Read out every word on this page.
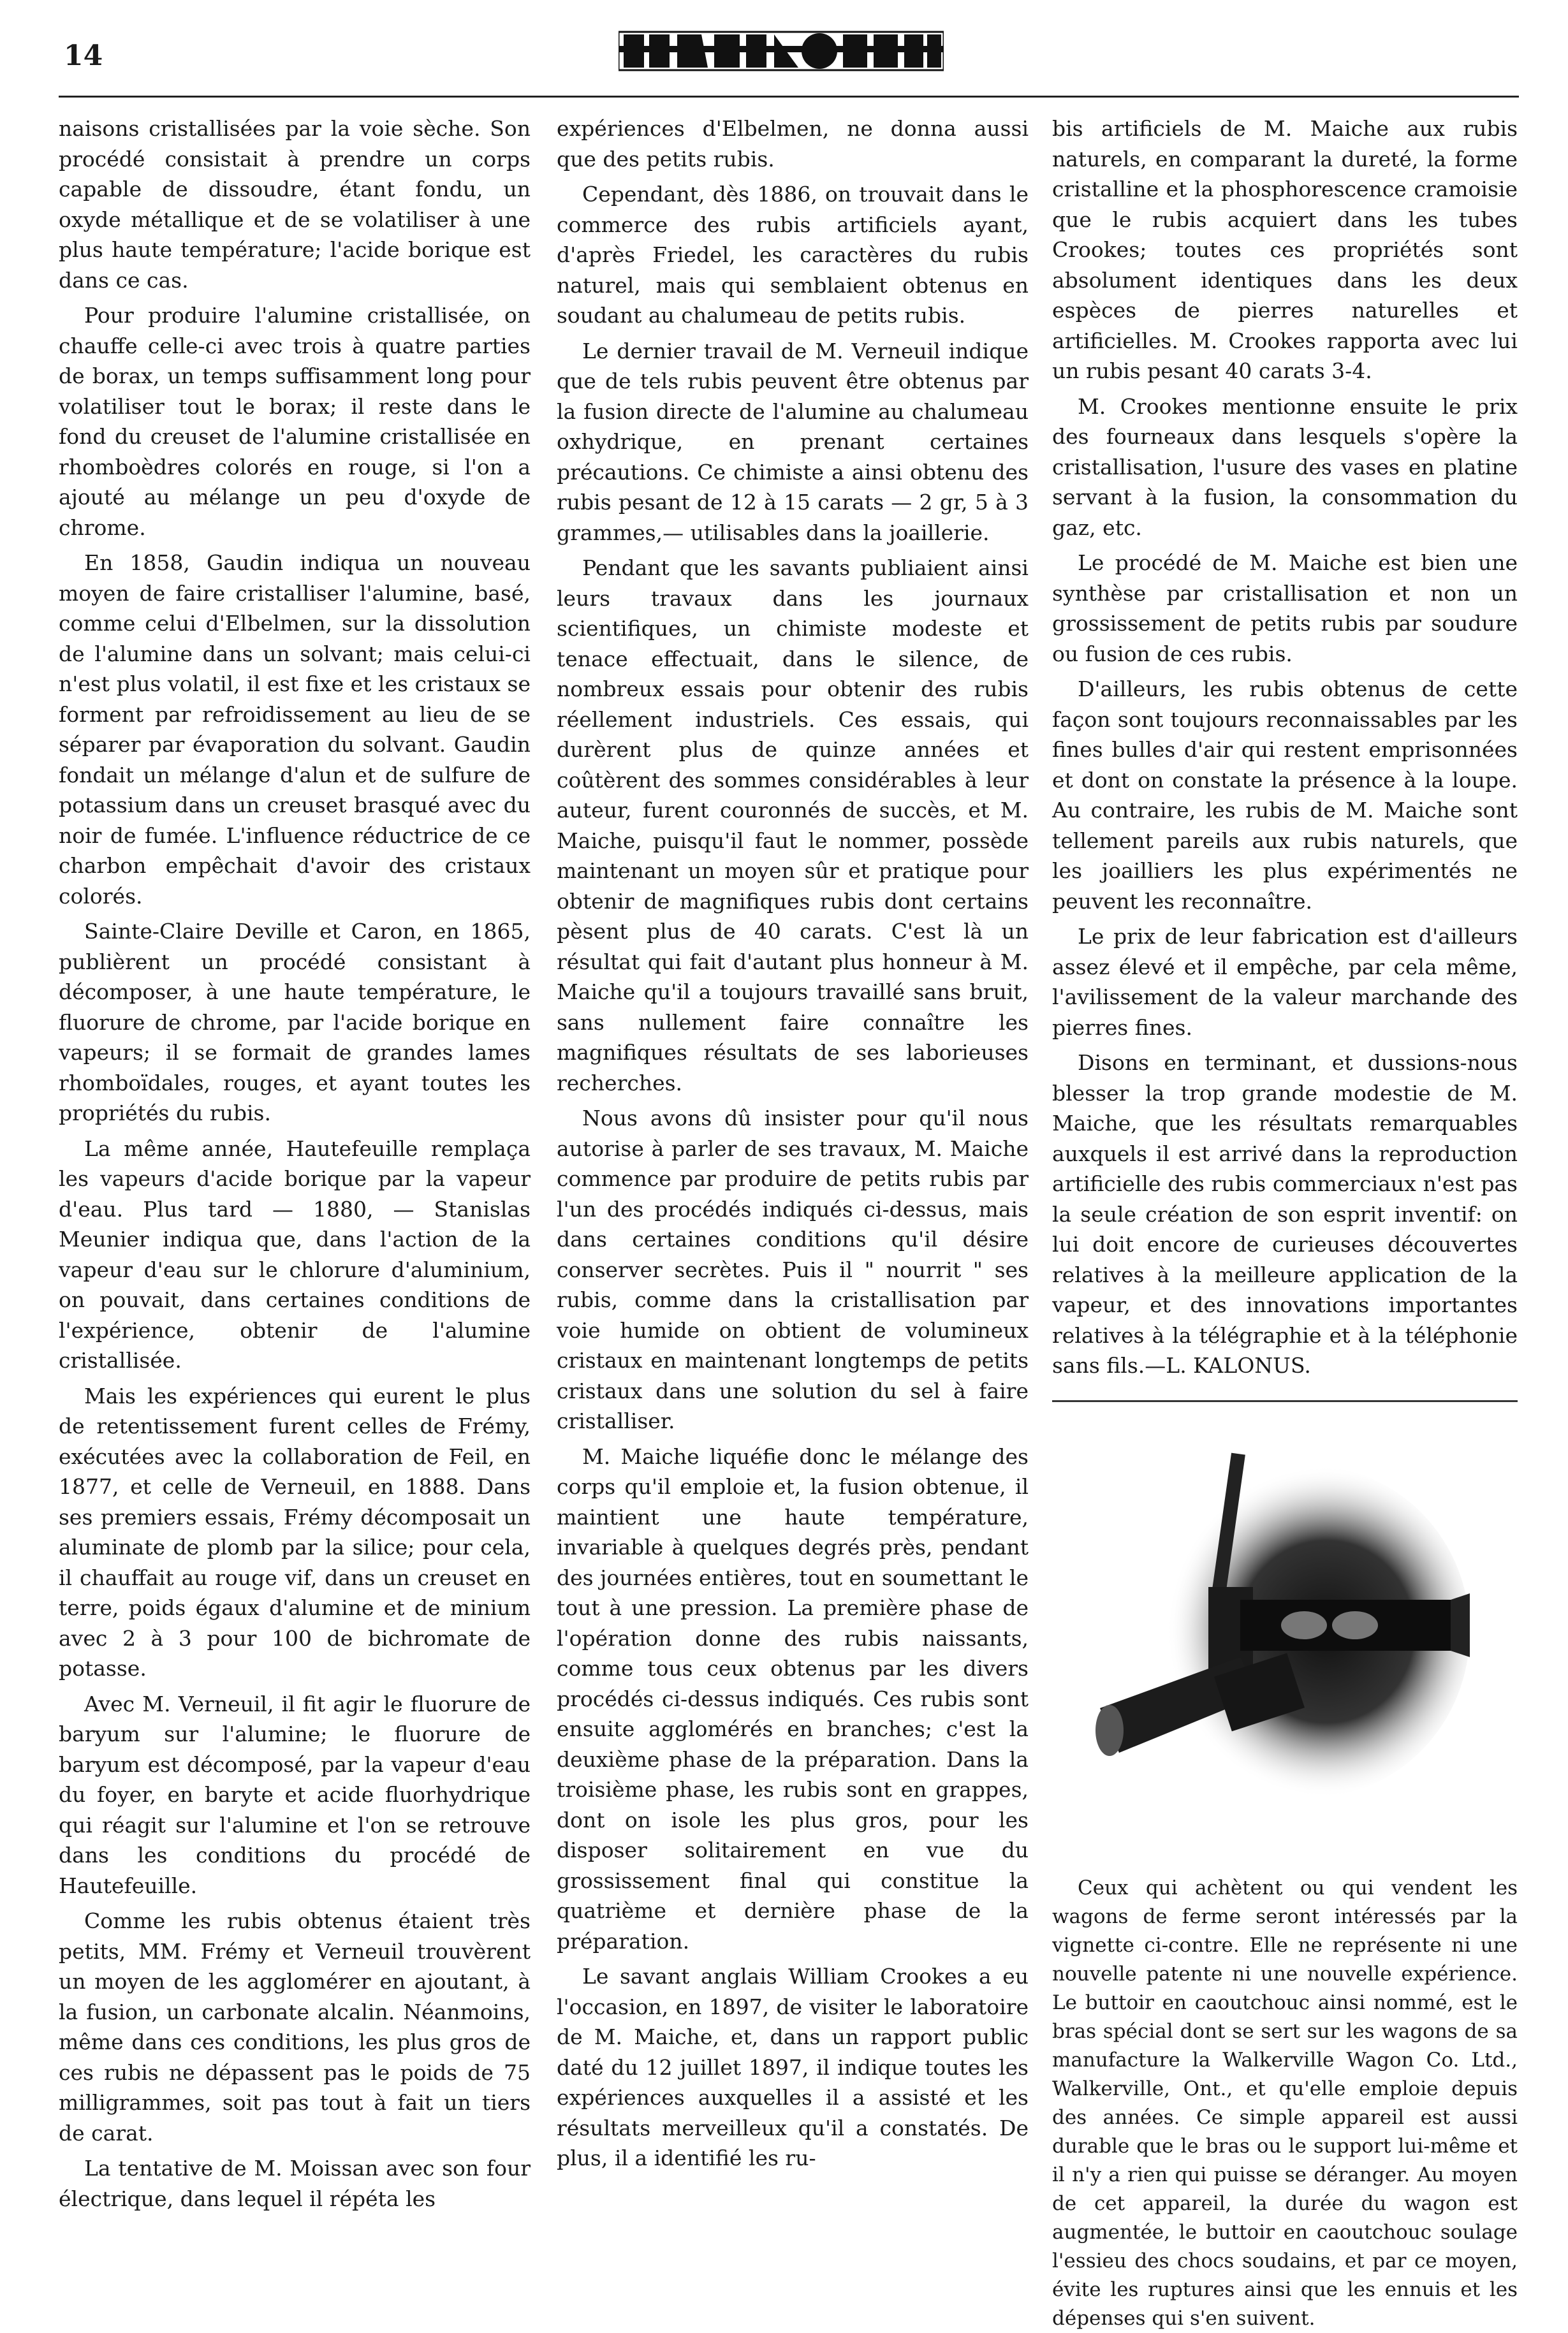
14

naisons cristallisées par la voie sèche. Son procédé consistait à prendre un corps capable de dissoudre, étant fondu, un oxyde métallique et de se volatiliser à une plus haute température; l'acide borique est dans ce cas.

Pour produire l'alumine cristallisée, on chauffe celle-ci avec trois à quatre parties de borax, un temps suffisamment long pour volatiliser tout le borax; il reste dans le fond du creuset de l'alumine cristallisée en rhomboèdres colorés en rouge, si l'on a ajouté au mélange un peu d'oxyde de chrome.

En 1858, Gaudin indiqua un nouveau moyen de faire cristalliser l'alumine, basé, comme celui d'Elbelmen, sur la dissolution de l'alumine dans un solvant; mais celui-ci n'est plus volatil, il est fixe et les cristaux se forment par refroidissement au lieu de se séparer par évaporation du solvant. Gaudin fondait un mélange d'alun et de sulfure de potassium dans un creuset brasqué avec du noir de fumée. L'influence réductrice de ce charbon empêchait d'avoir des cristaux colorés.

Sainte-Claire Deville et Caron, en 1865, publièrent un procédé consistant à décomposer, à une haute température, le fluorure de chrome, par l'acide borique en vapeurs; il se formait de grandes lames rhomboïdales, rouges, et ayant toutes les propriétés du rubis.

La même année, Hautefeuille remplaça les vapeurs d'acide borique par la vapeur d'eau. Plus tard — 1880, — Stanislas Meunier indiqua que, dans l'action de la vapeur d'eau sur le chlorure d'aluminium, on pouvait, dans certaines conditions de l'expérience, obtenir de l'alumine cristallisée.

Mais les expériences qui eurent le plus de retentissement furent celles de Frémy, exécutées avec la collaboration de Feil, en 1877, et celle de Verneuil, en 1888. Dans ses premiers essais, Frémy décomposait un aluminate de plomb par la silice; pour cela, il chauffait au rouge vif, dans un creuset en terre, poids égaux d'alumine et de minium avec 2 à 3 pour 100 de bichromate de potasse.

Avec M. Verneuil, il fit agir le fluorure de baryum sur l'alumine; le fluorure de baryum est décomposé, par la vapeur d'eau du foyer, en baryte et acide fluorhydrique qui réagit sur l'alumine et l'on se retrouve dans les conditions du procédé de Hautefeuille.

Comme les rubis obtenus étaient très petits, MM. Frémy et Verneuil trouvèrent un moyen de les agglomérer en ajoutant, à la fusion, un carbonate alcalin. Néanmoins, même dans ces conditions, les plus gros de ces rubis ne dépassent pas le poids de 75 milligrammes, soit pas tout à fait un tiers de carat.

La tentative de M. Moissan avec son four électrique, dans lequel il répéta les

expériences d'Elbelmen, ne donna aussi que des petits rubis.

Cependant, dès 1886, on trouvait dans le commerce des rubis artificiels ayant, d'après Friedel, les caractères du rubis naturel, mais qui semblaient obtenus en soudant au chalumeau de petits rubis.

Le dernier travail de M. Verneuil indique que de tels rubis peuvent être obtenus par la fusion directe de l'alumine au chalumeau oxhydrique, en prenant certaines précautions. Ce chimiste a ainsi obtenu des rubis pesant de 12 à 15 carats — 2 gr, 5 à 3 grammes,— utilisables dans la joaillerie.

Pendant que les savants publiaient ainsi leurs travaux dans les journaux scientifiques, un chimiste modeste et tenace effectuait, dans le silence, de nombreux essais pour obtenir des rubis réellement industriels. Ces essais, qui durèrent plus de quinze années et coûtèrent des sommes considérables à leur auteur, furent couronnés de succès, et M. Maiche, puisqu'il faut le nommer, possède maintenant un moyen sûr et pratique pour obtenir de magnifiques rubis dont certains pèsent plus de 40 carats. C'est là un résultat qui fait d'autant plus honneur à M. Maiche qu'il a toujours travaillé sans bruit, sans nullement faire connaître les magnifiques résultats de ses laborieuses recherches.

Nous avons dû insister pour qu'il nous autorise à parler de ses travaux, M. Maiche commence par produire de petits rubis par l'un des procédés indiqués ci-dessus, mais dans certaines conditions qu'il désire conserver secrètes. Puis il " nourrit " ses rubis, comme dans la cristallisation par voie humide on obtient de volumineux cristaux en maintenant longtemps de petits cristaux dans une solution du sel à faire cristalliser.

M. Maiche liquéfie donc le mélange des corps qu'il emploie et, la fusion obtenue, il maintient une haute température, invariable à quelques degrés près, pendant des journées entières, tout en soumettant le tout à une pression. La première phase de l'opération donne des rubis naissants, comme tous ceux obtenus par les divers procédés ci-dessus indiqués. Ces rubis sont ensuite agglomérés en branches; c'est la deuxième phase de la préparation. Dans la troisième phase, les rubis sont en grappes, dont on isole les plus gros, pour les disposer solitairement en vue du grossissement final qui constitue la quatrième et dernière phase de la préparation.

Le savant anglais William Crookes a eu l'occasion, en 1897, de visiter le laboratoire de M. Maiche, et, dans un rapport public daté du 12 juillet 1897, il indique toutes les expériences auxquelles il a assisté et les résultats merveilleux qu'il a constatés. De plus, il a identifié les ru-

bis artificiels de M. Maiche aux rubis naturels, en comparant la dureté, la forme cristalline et la phosphorescence cramoisie que le rubis acquiert dans les tubes Crookes; toutes ces propriétés sont absolument identiques dans les deux espèces de pierres naturelles et artificielles. M. Crookes rapporta avec lui un rubis pesant 40 carats 3-4.

M. Crookes mentionne ensuite le prix des fourneaux dans lesquels s'opère la cristallisation, l'usure des vases en platine servant à la fusion, la consommation du gaz, etc.

Le procédé de M. Maiche est bien une synthèse par cristallisation et non un grossissement de petits rubis par soudure ou fusion de ces rubis.

D'ailleurs, les rubis obtenus de cette façon sont toujours reconnaissables par les fines bulles d'air qui restent emprisonnées et dont on constate la présence à la loupe. Au contraire, les rubis de M. Maiche sont tellement pareils aux rubis naturels, que les joailliers les plus expérimentés ne peuvent les reconnaître.

Le prix de leur fabrication est d'ailleurs assez élevé et il empêche, par cela même, l'avilissement de la valeur marchande des pierres fines.

Disons en terminant, et dussions-nous blesser la trop grande modestie de M. Maiche, que les résultats remarquables auxquels il est arrivé dans la reproduction artificielle des rubis commerciaux n'est pas la seule création de son esprit inventif: on lui doit encore de curieuses découvertes relatives à la meilleure application de la vapeur, et des innovations importantes relatives à la télégraphie et à la téléphonie sans fils.—L. KALONUS.

Ceux qui achètent ou qui vendent les wagons de ferme seront intéressés par la vignette ci-contre. Elle ne représente ni une nouvelle patente ni une nouvelle expérience. Le buttoir en caoutchouc ainsi nommé, est le bras spécial dont se sert sur les wagons de sa manufacture la Walkerville Wagon Co. Ltd., Walkerville, Ont., et qu'elle emploie depuis des années. Ce simple appareil est aussi durable que le bras ou le support lui-même et il n'y a rien qui puisse se déranger. Au moyen de cet appareil, la durée du wagon est augmentée, le buttoir en caoutchouc soulage l'essieu des chocs soudains, et par ce moyen, évite les ruptures ainsi que les ennuis et les dépenses qui s'en suivent.
